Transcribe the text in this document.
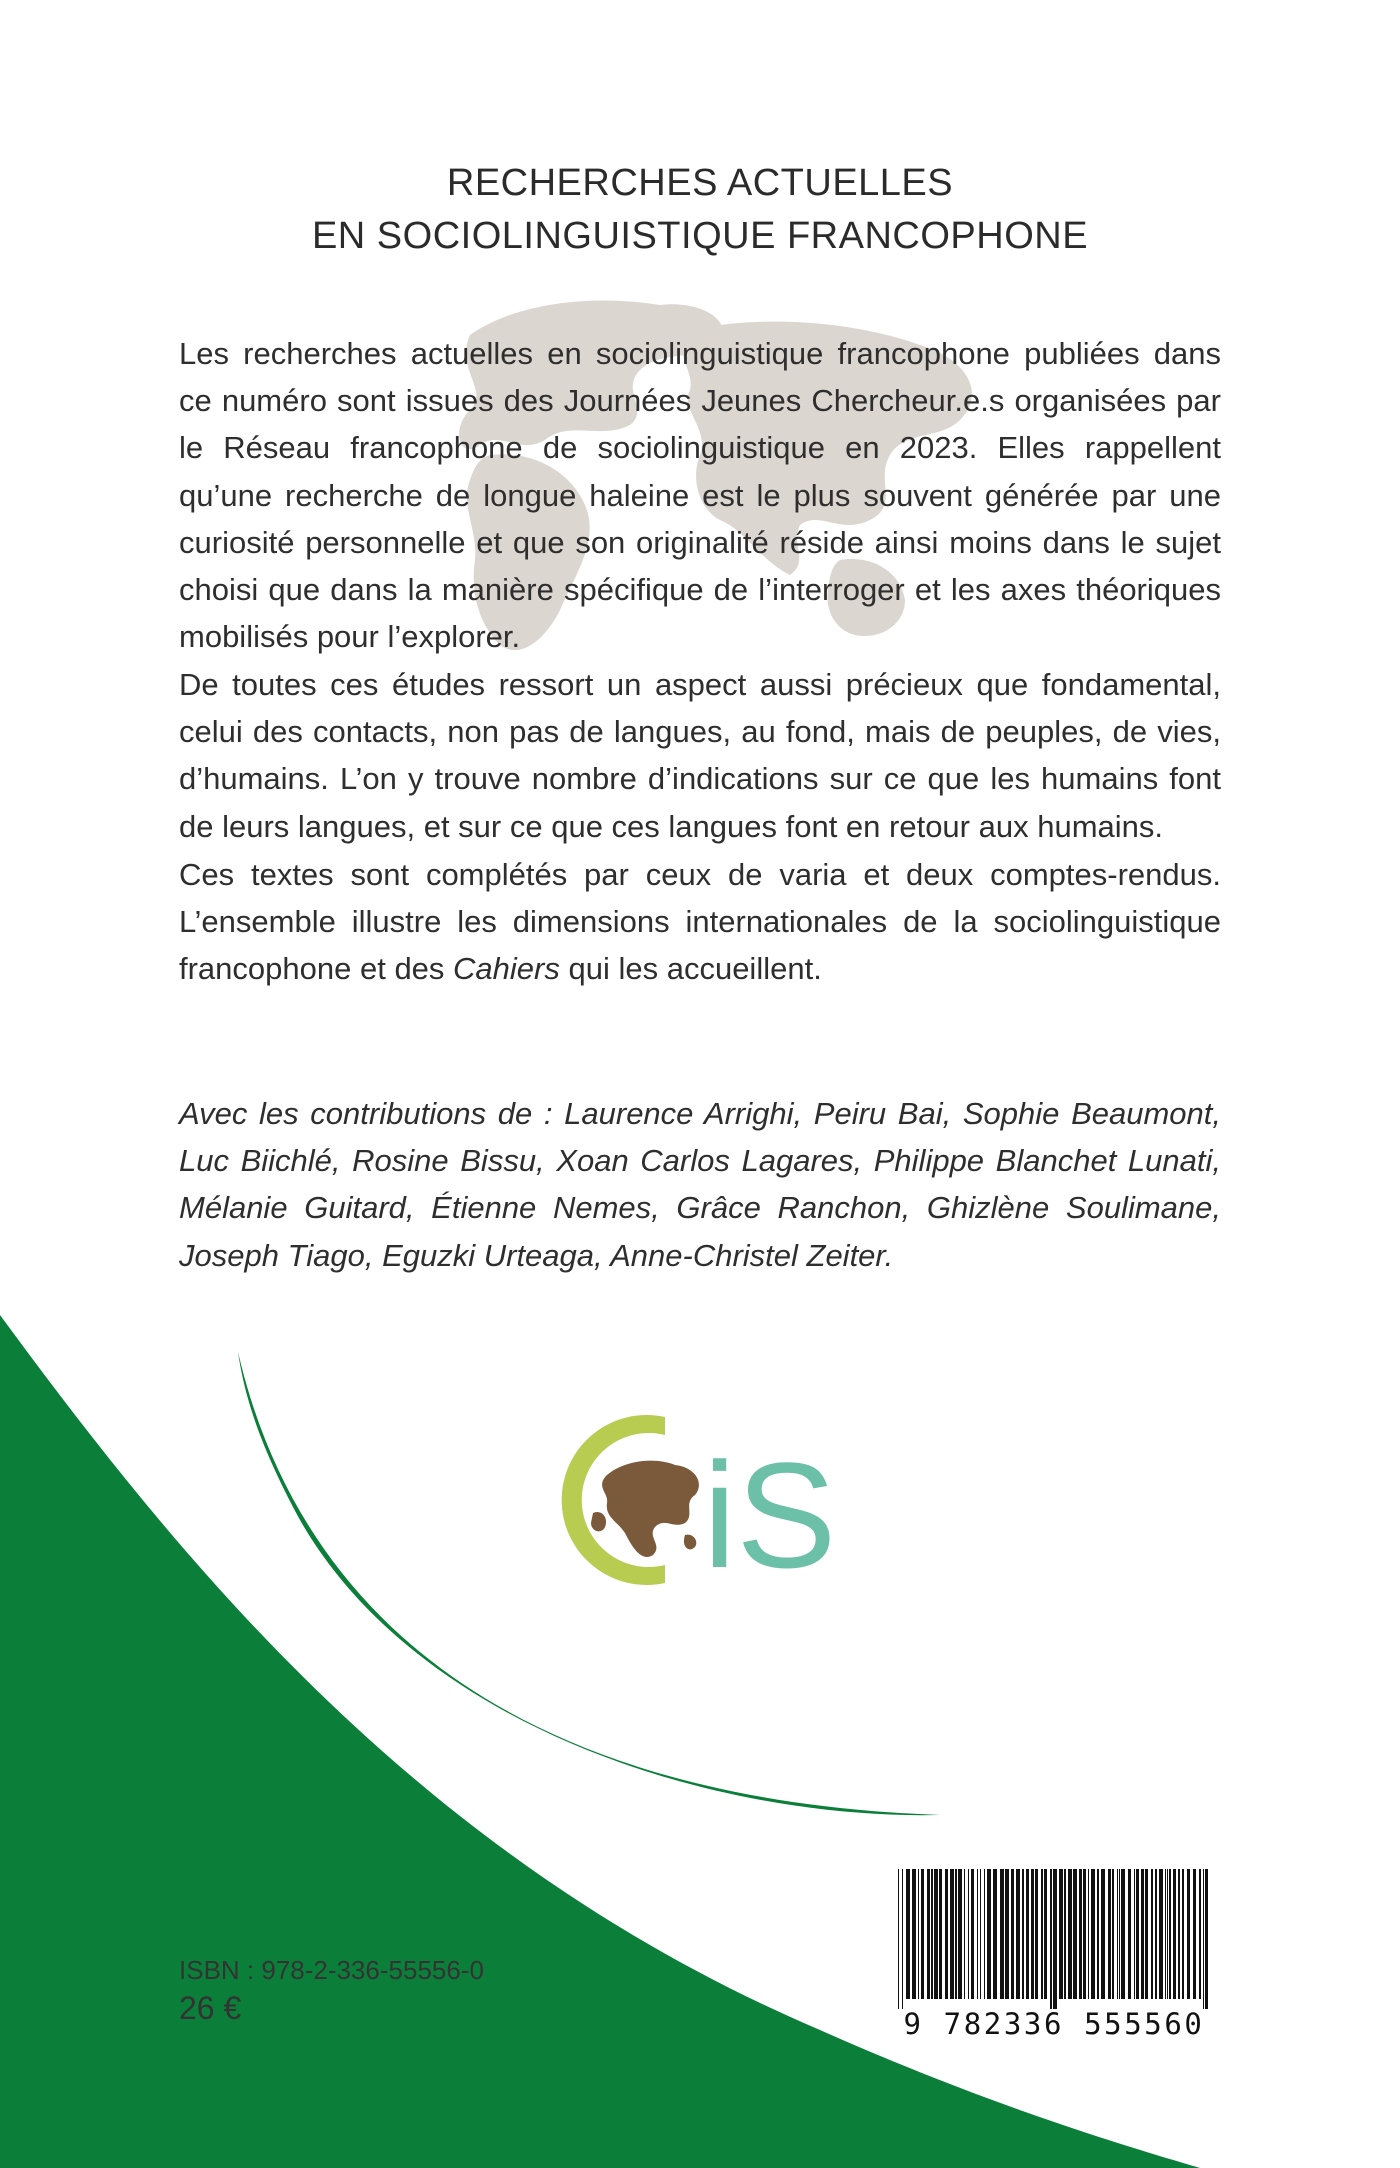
RECHERCHES ACTUELLES
EN SOCIOLINGUISTIQUE FRANCOPHONE

Les recherches actuelles en sociolinguistique francophone publiées dans ce numéro sont issues des Journées Jeunes Chercheur.e.s organisées par le Réseau francophone de sociolinguistique en 2023. Elles rappellent qu’une recherche de longue haleine est le plus souvent générée par une curiosité personnelle et que son originalité réside ainsi moins dans le sujet choisi que dans la manière spécifique de l’interroger et les axes théoriques mobilisés pour l’explorer.

De toutes ces études ressort un aspect aussi précieux que fondamental, celui des contacts, non pas de langues, au fond, mais de peuples, de vies, d’humains. L’on y trouve nombre d’indications sur ce que les humains font de leurs langues, et sur ce que ces langues font en retour aux humains.

Ces textes sont complétés par ceux de varia et deux comptes-rendus. L’ensemble illustre les dimensions internationales de la sociolinguistique francophone et des Cahiers qui les accueillent.

Avec les contributions de : Laurence Arrighi, Peiru Bai, Sophie Beaumont, Luc Biichlé, Rosine Bissu, Xoan Carlos Lagares, Philippe Blanchet Lunati, Mélanie Guitard, Étienne Nemes, Grâce Ranchon, Ghizlène Soulimane, Joseph Tiago, Eguzki Urteaga, Anne-Christel Zeiter.

iS
ISBN : 978-2-336-55556-0
26 €	9 782336 555560
